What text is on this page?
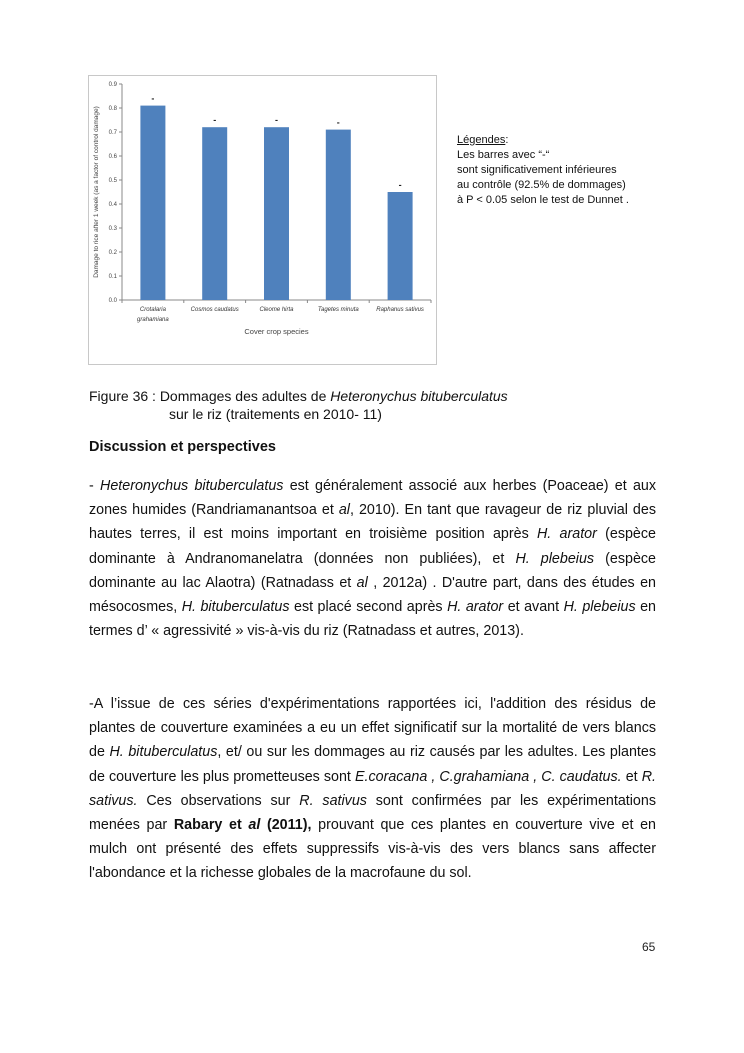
0.0
0.1
0.2
0.3
0.4
0.5
0.6
0.7
0.8
0.9
-
Crotalaria
grahamiana
-
Cosmos caudatus
-
Cleome hirta
-
Tagetes minuta
-
Raphanus sativus
Cover crop species
Damage to rice after 1 week (as a factor of control damage)	Légendes:
Les barres avec “-“
sont significativement inférieures
au contrôle (92.5% de dommages)
à P < 0.05 selon le test de Dunnet .
Figure 36 : Dommages des adultes de Heteronychus bituberculatus
sur le riz (traitements en 2010- 11)
Discussion et perspectives

- Heteronychus bituberculatus est généralement associé aux herbes (Poaceae) et aux zones humides (Randriamanantsoa et al, 2010). En tant que ravageur de riz pluvial des hautes terres, il est moins important en troisième position après H. arator (espèce dominante à Andranomanelatra (données non publiées), et H. plebeius (espèce dominante au lac Alaotra) (Ratnadass et al , 2012a) . D'autre part, dans des études en mésocosmes, H. bituberculatus est placé second après H. arator et avant H. plebeius en termes d’ « agressivité » vis-à-vis du riz (Ratnadass et autres, 2013).

-A l’issue de ces séries d'expérimentations rapportées ici, l'addition des résidus de plantes de couverture examinées a eu un effet significatif sur la mortalité de vers blancs de H. bituberculatus, et/ ou sur les dommages au riz causés par les adultes. Les plantes de couverture les plus prometteuses sont E.coracana , C.grahamiana , C. caudatus. et R. sativus. Ces observations sur R. sativus sont confirmées par les expérimentations menées par Rabary et al (2011), prouvant que ces plantes en couverture vive et en mulch ont présenté des effets suppressifs vis-à-vis des vers blancs sans affecter l'abondance et la richesse globales de la macrofaune du sol.

65
